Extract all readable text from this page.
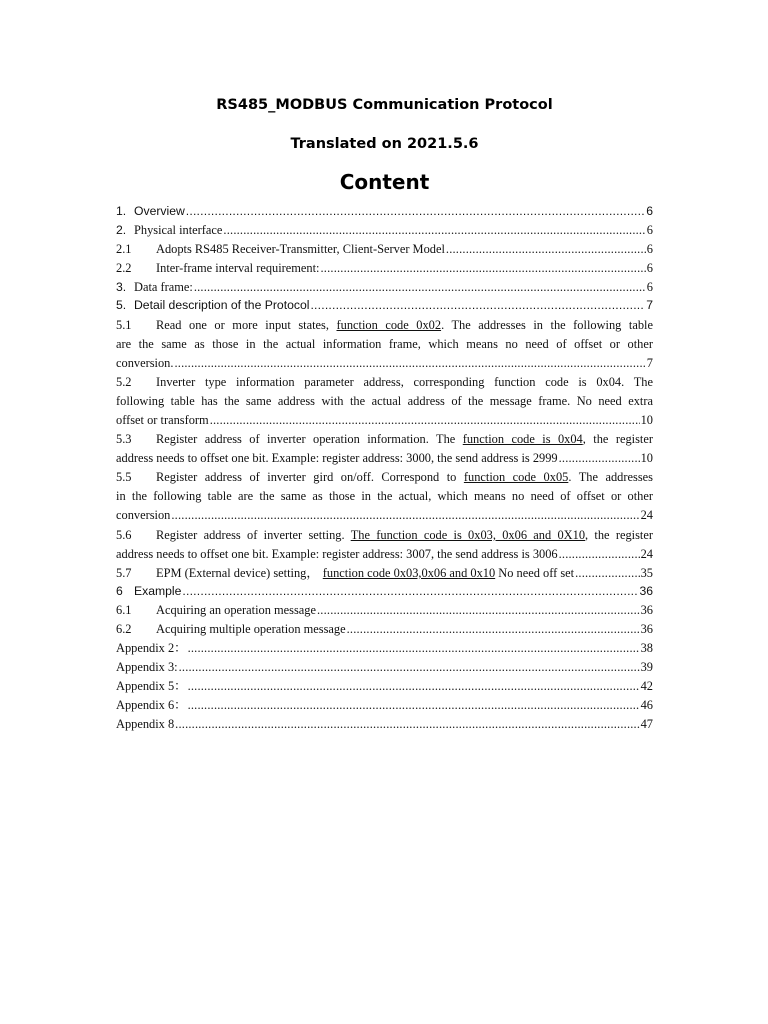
RS485_MODBUS Communication Protocol
Translated on 2021.5.6
Content
1. Overview .....	6
2. Physical interface .....	6
2.1	Adopts RS485 Receiver-Transmitter, Client-Server Model .....	6
2.2	Inter-frame interval requirement: .....	6
3. Data frame: .....	6
5. Detail description of the Protocol .....	7
5.1 Read one or more input states, function code 0x02. The addresses in the following table
are the same as those in the actual information frame, which means no need of offset or other
conversion. .....	7
5.2 Inverter type information parameter address, corresponding function code is 0x04. The
following table has the same address with the actual address of the message frame. No need extra
offset or transform .....	10
5.3 Register address of inverter operation information. The function code is 0x04, the register
address needs to offset one bit. Example: register address: 3000, the send address is 2999 .....	10
5.5 Register address of inverter gird on/off. Correspond to function code 0x05. The addresses
in the following table are the same as those in the actual, which means no need of offset or other
conversion .....	24
5.6 Register address of inverter setting. The function code is 0x03, 0x06 and 0X10, the register
address needs to offset one bit. Example: register address: 3007, the send address is 3006 .....	24
5.7	EPM (External device) setting， function code 0x03,0x06 and 0x10 No need off set .....	35
6 Example .....	36
6.1	Acquiring an operation message .....	36
6.2	Acquiring multiple operation message .....	36
Appendix 2： .....	38
Appendix 3: .....	39
Appendix 5： .....	42
Appendix 6： .....	46
Appendix 8 .....	47
